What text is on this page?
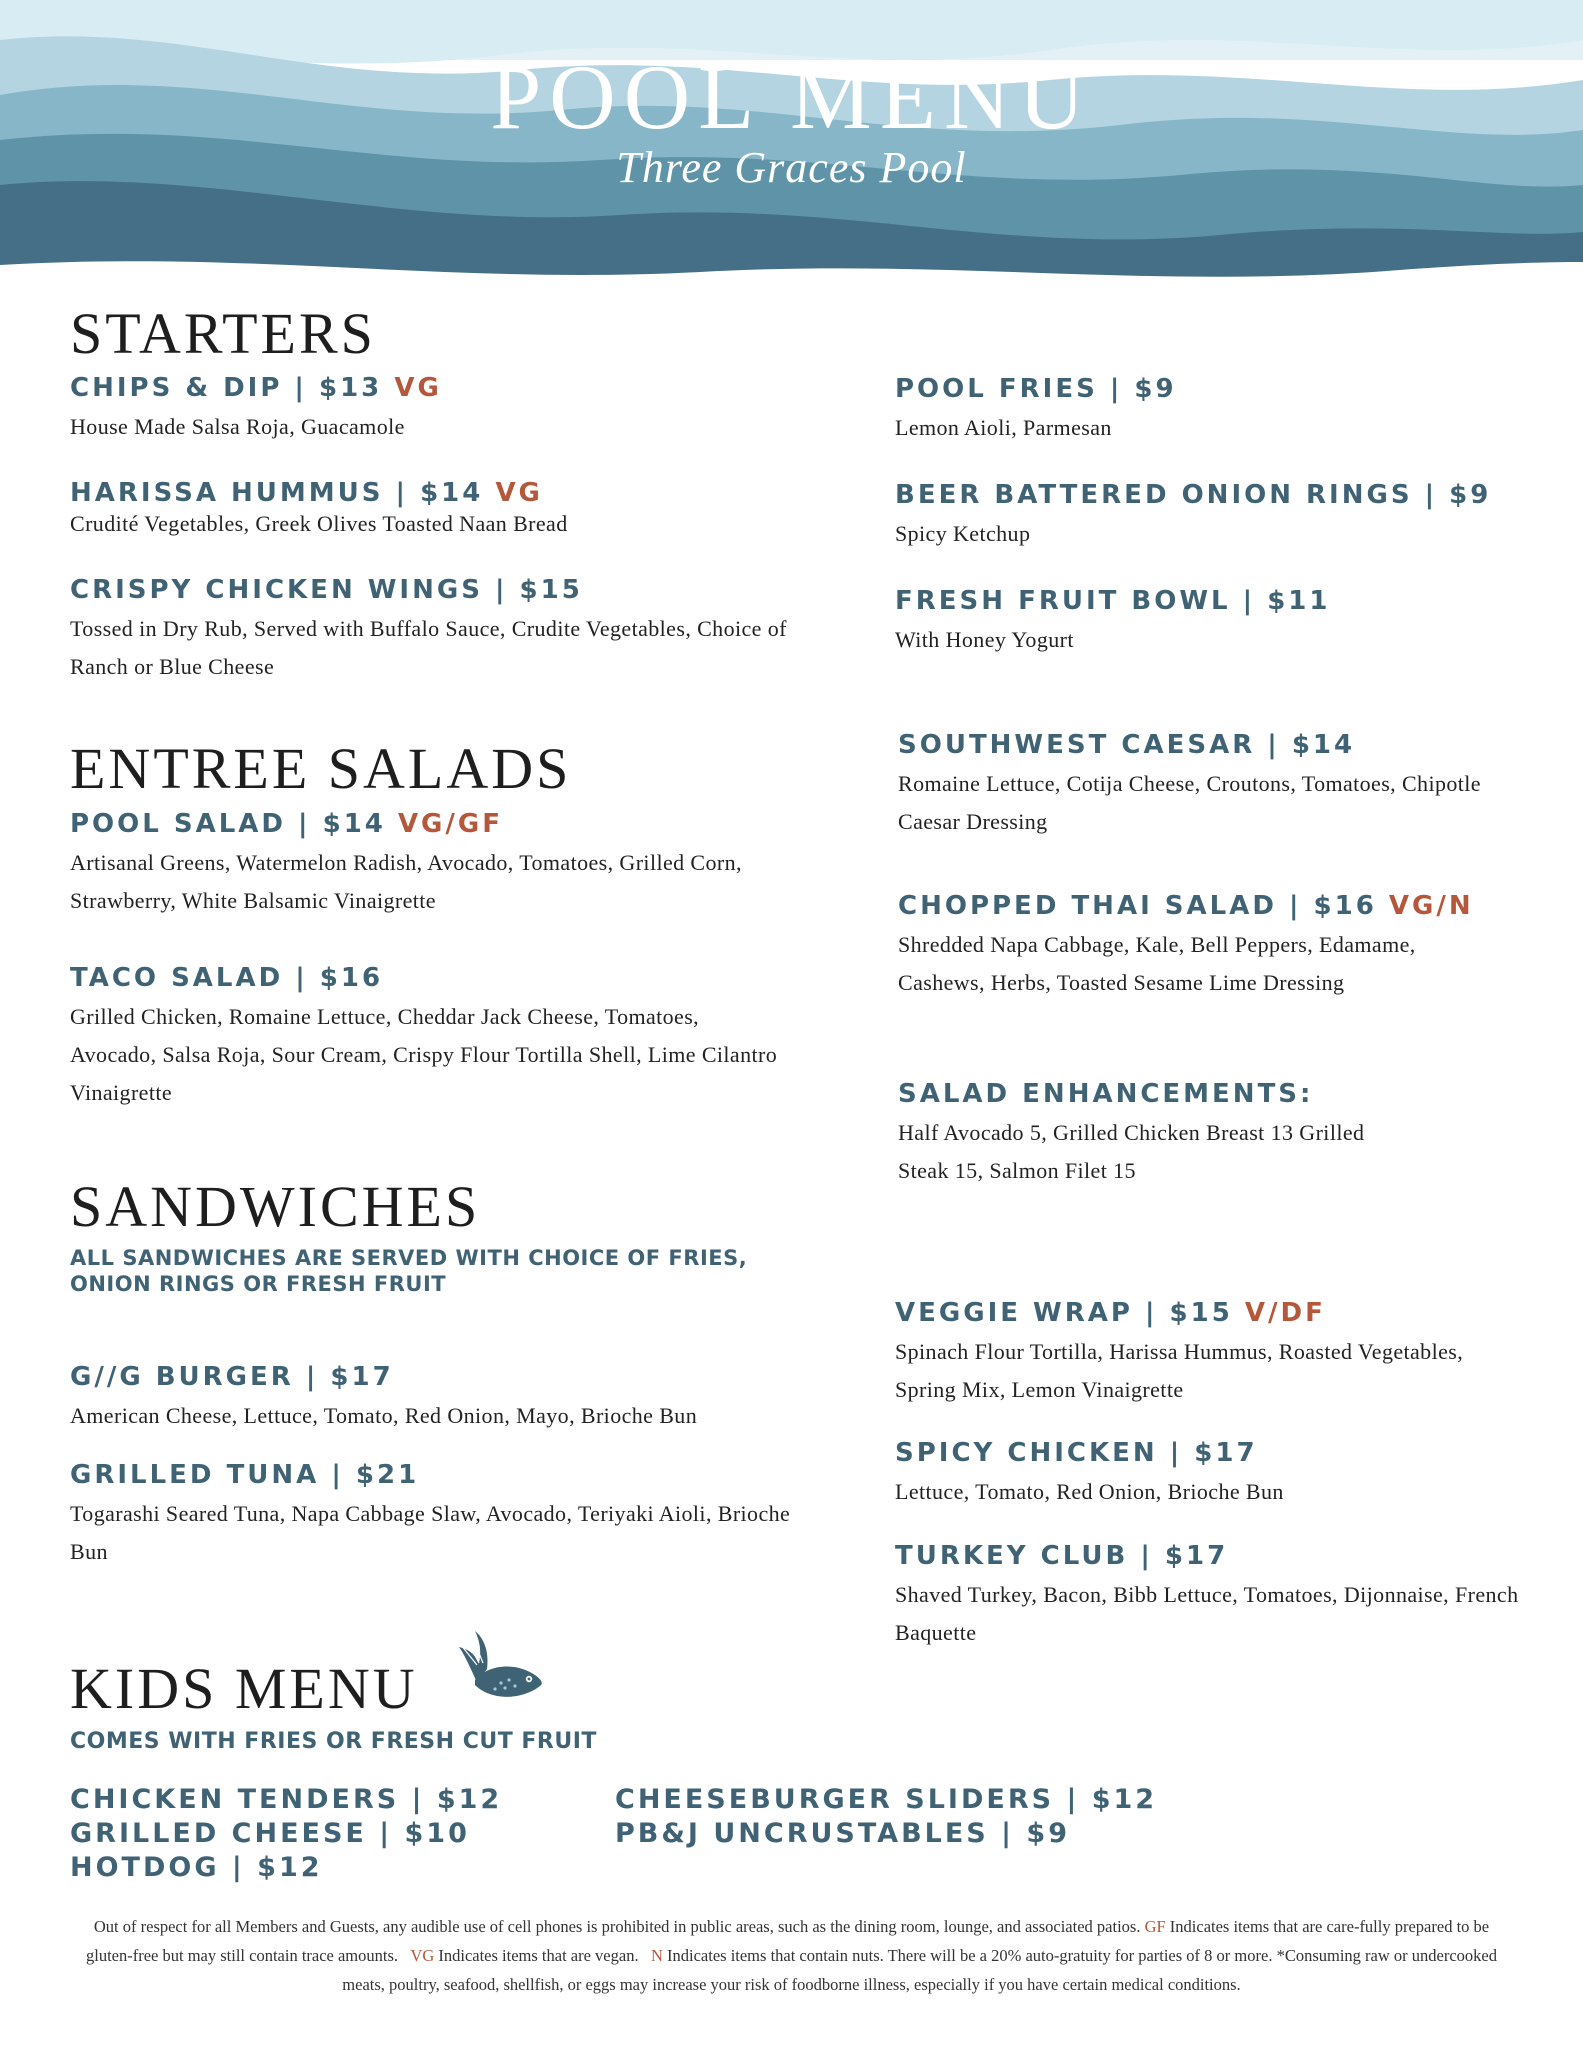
POOL MENU
Three Graces Pool
STARTERS
CHIPS & DIP | $13 VG
House Made Salsa Roja, Guacamole
HARISSA HUMMUS | $14 VG
Crudité Vegetables, Greek Olives Toasted Naan Bread
CRISPY CHICKEN WINGS | $15
Tossed in Dry Rub, Served with Buffalo Sauce, Crudite Vegetables, Choice of Ranch or Blue Cheese
POOL FRIES | $9
Lemon Aioli, Parmesan
BEER BATTERED ONION RINGS | $9
Spicy Ketchup
FRESH FRUIT BOWL | $11
With Honey Yogurt
ENTREE SALADS
POOL SALAD | $14 VG/GF
Artisanal Greens, Watermelon Radish, Avocado, Tomatoes, Grilled Corn, Strawberry, White Balsamic Vinaigrette
TACO SALAD | $16
Grilled Chicken, Romaine Lettuce, Cheddar Jack Cheese, Tomatoes, Avocado, Salsa Roja, Sour Cream, Crispy Flour Tortilla Shell, Lime Cilantro Vinaigrette
SOUTHWEST CAESAR | $14
Romaine Lettuce, Cotija Cheese, Croutons, Tomatoes, Chipotle Caesar Dressing
CHOPPED THAI SALAD | $16 VG/N
Shredded Napa Cabbage, Kale, Bell Peppers, Edamame, Cashews, Herbs, Toasted Sesame Lime Dressing
SALAD ENHANCEMENTS:
Half Avocado 5, Grilled Chicken Breast 13 Grilled Steak 15, Salmon Filet 15
SANDWICHES
ALL SANDWICHES ARE SERVED WITH CHOICE OF FRIES, ONION RINGS OR FRESH FRUIT
G//G BURGER | $17
American Cheese, Lettuce, Tomato, Red Onion, Mayo, Brioche Bun
GRILLED TUNA | $21
Togarashi Seared Tuna, Napa Cabbage Slaw, Avocado, Teriyaki Aioli, Brioche Bun
VEGGIE WRAP | $15 V/DF
Spinach Flour Tortilla, Harissa Hummus, Roasted Vegetables, Spring Mix, Lemon Vinaigrette
SPICY CHICKEN | $17
Lettuce, Tomato, Red Onion, Brioche Bun
TURKEY CLUB | $17
Shaved Turkey, Bacon, Bibb Lettuce, Tomatoes, Dijonnaise, French Baquette
KIDS MENU
COMES WITH FRIES OR FRESH CUT FRUIT
CHICKEN TENDERS | $12
GRILLED CHEESE | $10
HOTDOG | $12
CHEESEBURGER SLIDERS | $12
PB&J UNCRUSTABLES | $9
Out of respect for all Members and Guests, any audible use of cell phones is prohibited in public areas, such as the dining room, lounge, and associated patios. GF Indicates items that are care-fully prepared to be gluten-free but may still contain trace amounts. VG Indicates items that are vegan. N Indicates items that contain nuts. There will be a 20% auto-gratuity for parties of 8 or more. *Consuming raw or undercooked meats, poultry, seafood, shellfish, or eggs may increase your risk of foodborne illness, especially if you have certain medical conditions.
